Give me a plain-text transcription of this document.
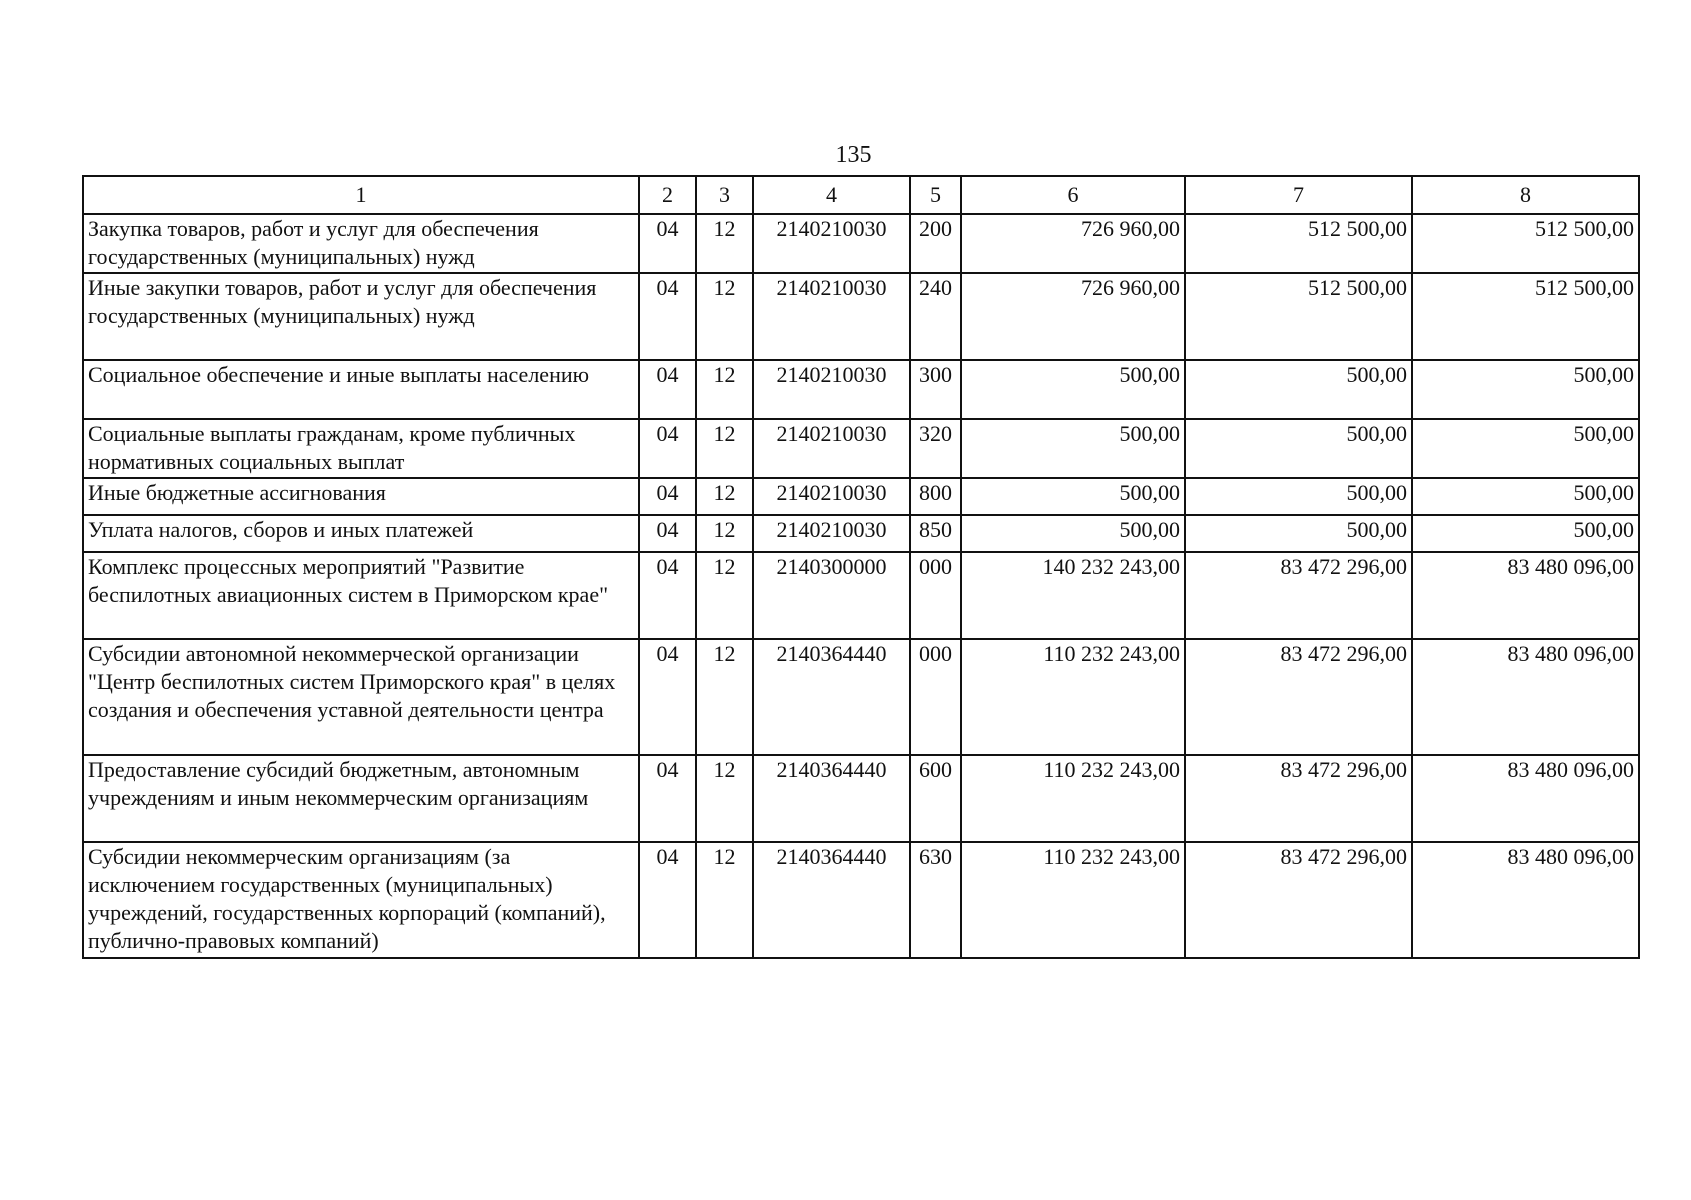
135
1	2	3	4	5	6	7	8
Закупка товаров, работ и услуг для обеспечения государственных (муниципальных) нужд	04	12	2140210030	200	726 960,00	512 500,00	512 500,00
Иные закупки товаров, работ и услуг для обеспечения государственных (муниципальных) нужд	04	12	2140210030	240	726 960,00	512 500,00	512 500,00
Социальное обеспечение и иные выплаты населению	04	12	2140210030	300	500,00	500,00	500,00
Социальные выплаты гражданам, кроме публичных нормативных социальных выплат	04	12	2140210030	320	500,00	500,00	500,00
Иные бюджетные ассигнования	04	12	2140210030	800	500,00	500,00	500,00
Уплата налогов, сборов и иных платежей	04	12	2140210030	850	500,00	500,00	500,00
Комплекс процессных мероприятий "Развитие беспилотных авиационных систем в Приморском крае"	04	12	2140300000	000	140 232 243,00	83 472 296,00	83 480 096,00
Субсидии автономной некоммерческой организации "Центр беспилотных систем Приморского края" в целях создания и обеспечения уставной деятельности центра	04	12	2140364440	000	110 232 243,00	83 472 296,00	83 480 096,00
Предоставление субсидий бюджетным, автономным учреждениям и иным некоммерческим организациям	04	12	2140364440	600	110 232 243,00	83 472 296,00	83 480 096,00
Субсидии некоммерческим организациям (за исключением государственных (муниципальных) учреждений, государственных корпораций (компаний), публично-правовых компаний)	04	12	2140364440	630	110 232 243,00	83 472 296,00	83 480 096,00
